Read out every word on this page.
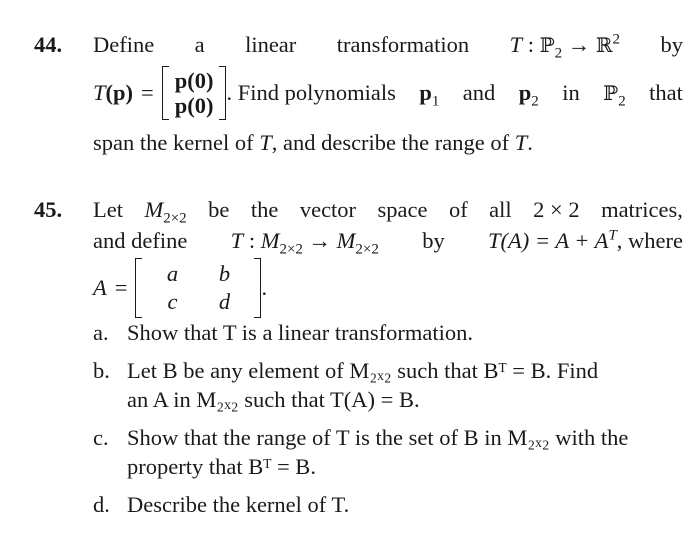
44. Define a linear transformation T : ℙ$_2$ → ℝ$^2$ by
T (p) = p(0)
p(0)
. Find polynomials $p_1$ and $p_2$ in ℙ$_2$ that
span the kernel of T, and describe the range of T.
45. Let $M_{2\times 2}$ be the vector space of all 2 × 2 matrices,
and define T : $M_{2\times 2} \to M_{2\times 2}$ by $T(A) = A + A^T$, where
A =
a	b
c	d
.
a. Show that T is a linear transformation.
b. Let B be any element of M₂ₓ₂ such that Bᵀ = B. Find
an A in M₂ₓ₂ such that T(A) = B.
c. Show that the range of T is the set of B in M₂ₓ₂ with the
property that Bᵀ = B.
d. Describe the kernel of T.
